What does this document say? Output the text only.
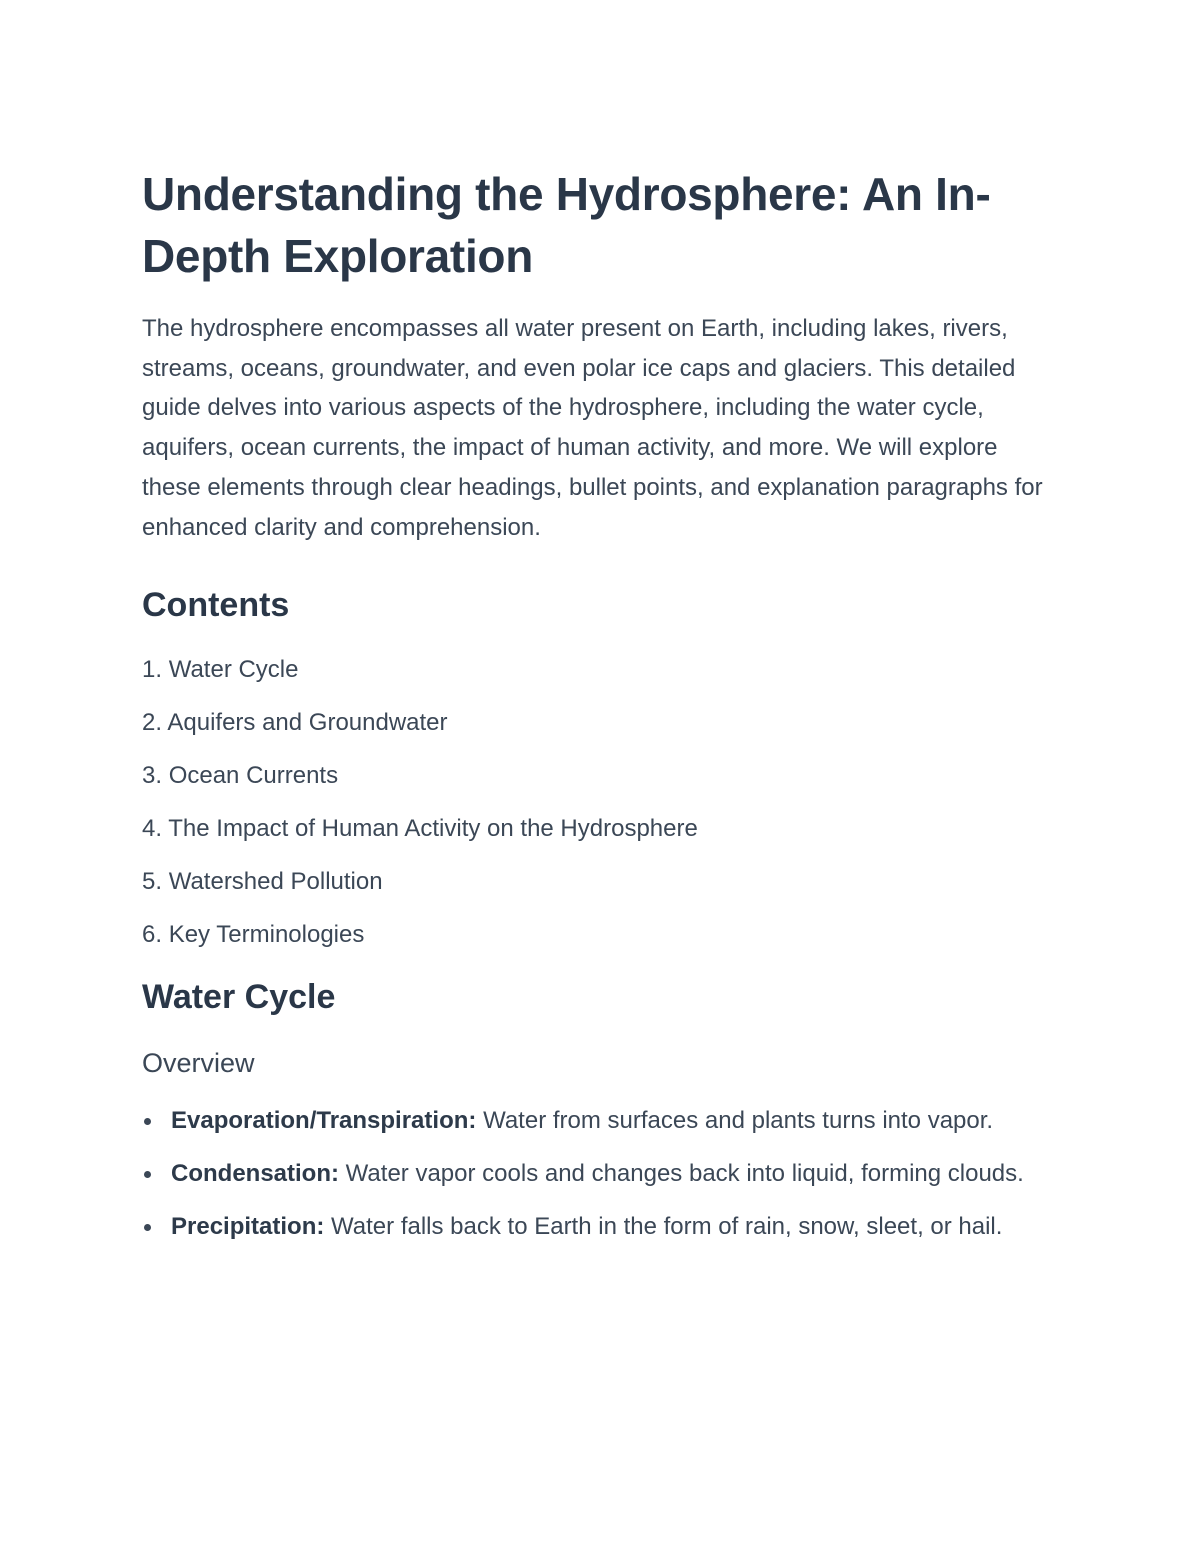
Understanding the Hydrosphere: An In-Depth Exploration

The hydrosphere encompasses all water present on Earth, including lakes, rivers, streams, oceans, groundwater, and even polar ice caps and glaciers. This detailed guide delves into various aspects of the hydrosphere, including the water cycle, aquifers, ocean currents, the impact of human activity, and more. We will explore these elements through clear headings, bullet points, and explanation paragraphs for enhanced clarity and comprehension.

Contents
1. Water Cycle
2. Aquifers and Groundwater
3. Ocean Currents
4. The Impact of Human Activity on the Hydrosphere
5. Watershed Pollution
6. Key Terminologies
Water Cycle
Overview
Evaporation/Transpiration: Water from surfaces and plants turns into vapor.
Condensation: Water vapor cools and changes back into liquid, forming clouds.
Precipitation: Water falls back to Earth in the form of rain, snow, sleet, or hail.
